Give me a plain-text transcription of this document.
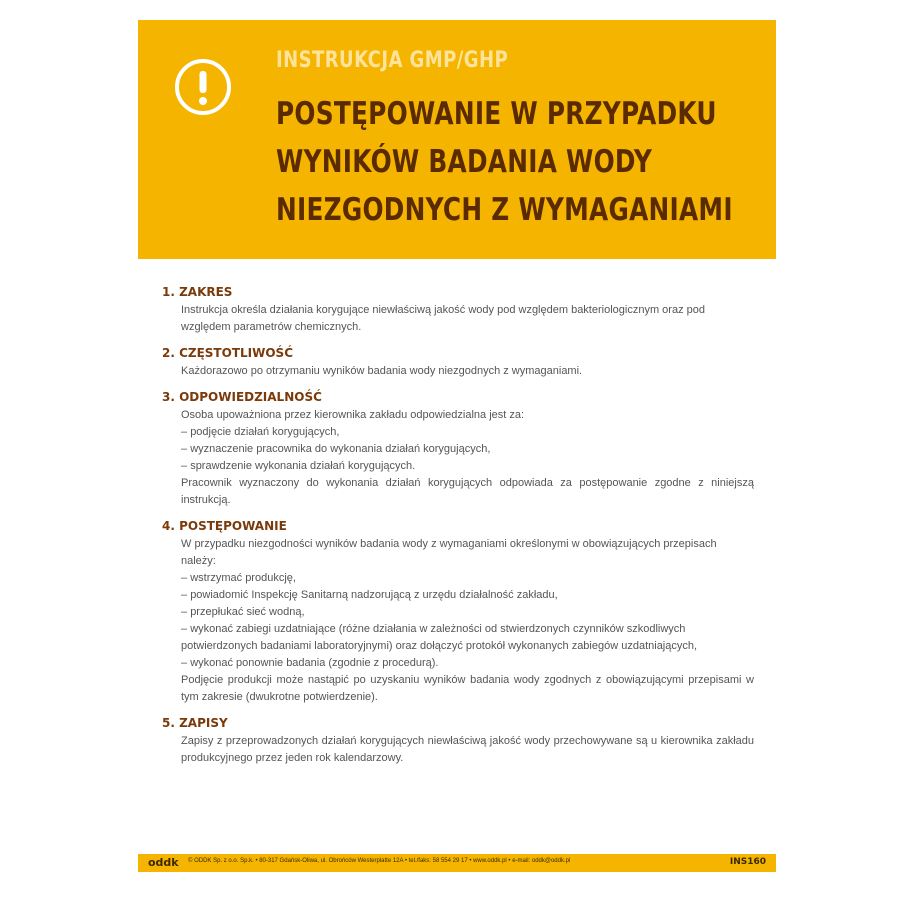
INSTRUKCJA GMP/GHP
POSTĘPOWANIE W PRZYPADKU
WYNIKÓW BADANIA WODY
NIEZGODNYCH Z WYMAGANIAMI
1. ZAKRES

Instrukcja określa działania korygujące niewłaściwą jakość wody pod względem bakteriologicznym oraz pod względem parametrów chemicznych.

2. CZĘSTOTLIWOŚĆ

Każdorazowo po otrzymaniu wyników badania wody niezgodnych z wymaganiami.

3. ODPOWIEDZIALNOŚĆ

Osoba upoważniona przez kierownika zakładu odpowiedzialna jest za:

– podjęcie działań korygujących,
– wyznaczenie pracownika do wykonania działań korygujących,
– sprawdzenie wykonania działań korygujących.

Pracownik wyznaczony do wykonania działań korygujących odpowiada za postępowanie zgodne z niniejszą instrukcją.

4. POSTĘPOWANIE

W przypadku niezgodności wyników badania wody z wymaganiami określonymi w obowiązujących przepisach należy:

– wstrzymać produkcję,
– powiadomić Inspekcję Sanitarną nadzorującą z urzędu działalność zakładu,
– przepłukać sieć wodną,
– wykonać zabiegi uzdatniające (różne działania w zależności od stwierdzonych czynników szkodliwych potwierdzonych badaniami laboratoryjnymi) oraz dołączyć protokół wykonanych zabiegów uzdatniających,
– wykonać ponownie badania (zgodnie z procedurą).

Podjęcie produkcji może nastąpić po uzyskaniu wyników badania wody zgodnych z obowiązującymi przepisami w tym zakresie (dwukrotne potwierdzenie).

5. ZAPISY

Zapisy z przeprowadzonych działań korygujących niewłaściwą jakość wody przechowywane są u kierownika zakładu produkcyjnego przez jeden rok kalendarzowy.

oddk © ODDK Sp. z o.o. Sp.k. • 80-317 Gdańsk-Oliwa, ul. Obrońców Westerplatte 12A • tel./faks: 58 554 29 17 • www.oddk.pl • e-mail: oddk@oddk.pl	INS160
